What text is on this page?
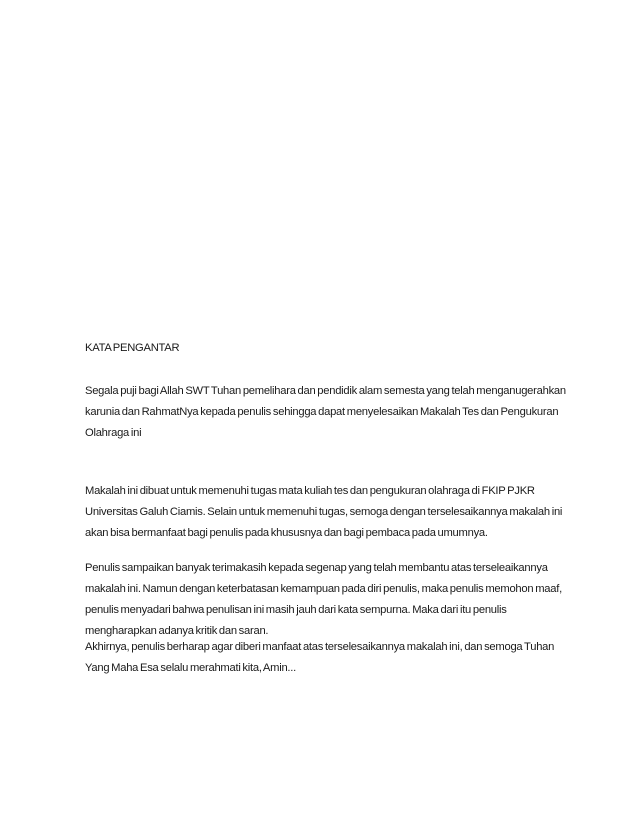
KATA PENGANTAR
Segala puji bagi Allah SWT Tuhan pemelihara dan pendidik alam semesta yang telah menganugerahkan
karunia dan RahmatNya kepada penulis sehingga dapat menyelesaikan Makalah Tes dan Pengukuran
Olahraga ini
Makalah ini dibuat untuk memenuhi tugas mata kuliah tes dan pengukuran olahraga di FKIP PJKR
Universitas Galuh Ciamis. Selain untuk memenuhi tugas, semoga dengan terselesaikannya makalah ini
akan bisa bermanfaat bagi penulis pada khususnya dan bagi pembaca pada umumnya.
Penulis sampaikan banyak terimakasih kepada segenap yang telah membantu atas terseleaikannya
makalah ini. Namun dengan keterbatasan kemampuan pada diri penulis, maka penulis memohon maaf,
penulis menyadari bahwa penulisan ini masih jauh dari kata sempurna. Maka dari itu penulis
mengharapkan adanya kritik dan saran.
Akhirnya, penulis berharap agar diberi manfaat atas terselesaikannya makalah ini, dan semoga Tuhan
Yang Maha Esa selalu merahmati kita, Amin...
